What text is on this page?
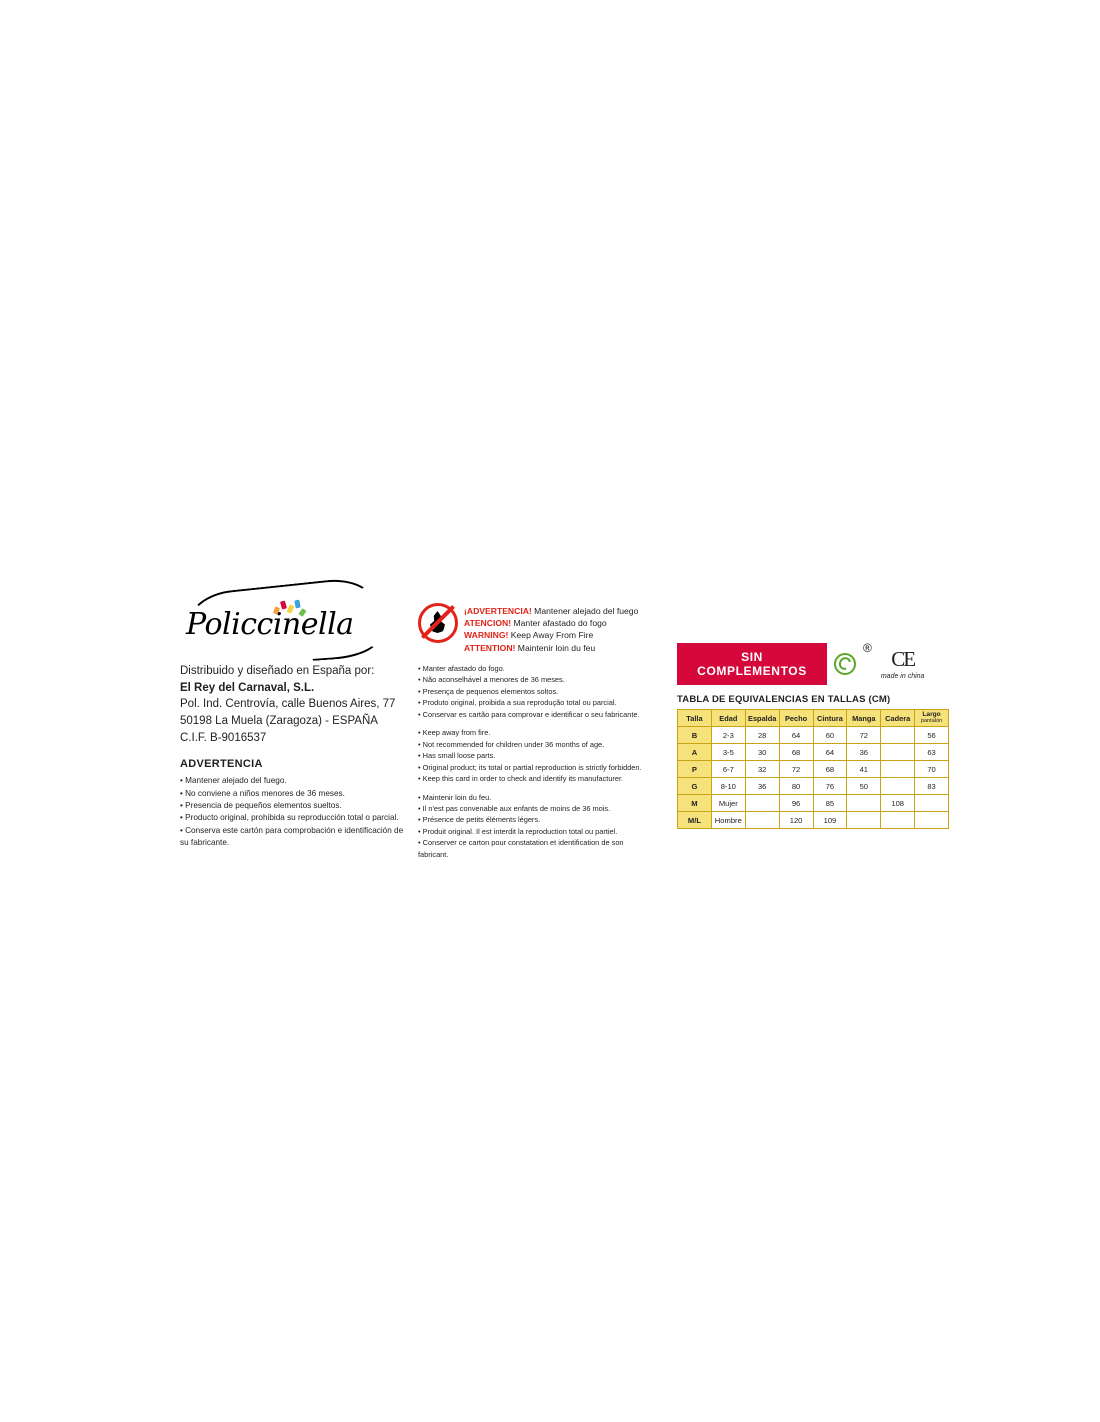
Policcinella
Distribuido y diseñado en España por:
El Rey del Carnaval, S.L.
Pol. Ind. Centrovía, calle Buenos Aires, 77
50198 La Muela (Zaragoza) - ESPAÑA
C.I.F. B-9016537
ADVERTENCIA
• Mantener alejado del fuego.
• No conviene a niños menores de 36 meses.
• Presencia de pequeños elementos sueltos.
• Producto original, prohibida su reproducción total o parcial.
• Conserva este cartón para comprobación e identificación de su fabricante.
¡ADVERTENCIA! Mantener alejado del fuego
ATENCION! Manter afastado do fogo
WARNING! Keep Away From Fire
ATTENTION! Maintenir loin du feu
• Manter afastado do fogo.
• Não aconselhável a menores de 36 meses.
• Presença de pequenos elementos soltos.
• Produto original, proibida a sua reprodução total ou parcial.
• Conservar es cartão para comprovar e identificar o seu fabricante.
• Keep away from fire.
• Not recommended for children under 36 months of age.
• Has small loose parts.
• Original product; its total or partial reproduction is strictly forbidden.
• Keep this card in order to check and identify its manufacturer.
• Maintenir loin du feu.
• Il n'est pas convenable aux enfants de moins de 36 mois.
• Présence de petits éléments légers.
• Produit original. Il est interdit la reproduction total ou partiel.
• Conserver ce carton pour constatation et identification de son fabricant.
SIN COMPLEMENTOS
® CE
made in china
TABLA DE EQUIVALENCIAS EN TALLAS (CM)
Talla	Edad	Espalda	Pecho	Cintura	Manga	Cadera	Largo
pantalón

B	2-3	28	64	60	72		56
A	3-5	30	68	64	36		63
P	6-7	32	72	68	41		70
G	8-10	36	80	76	50		83
M	Mujer		96	85		108	
M/L	Hombre		120	109			
